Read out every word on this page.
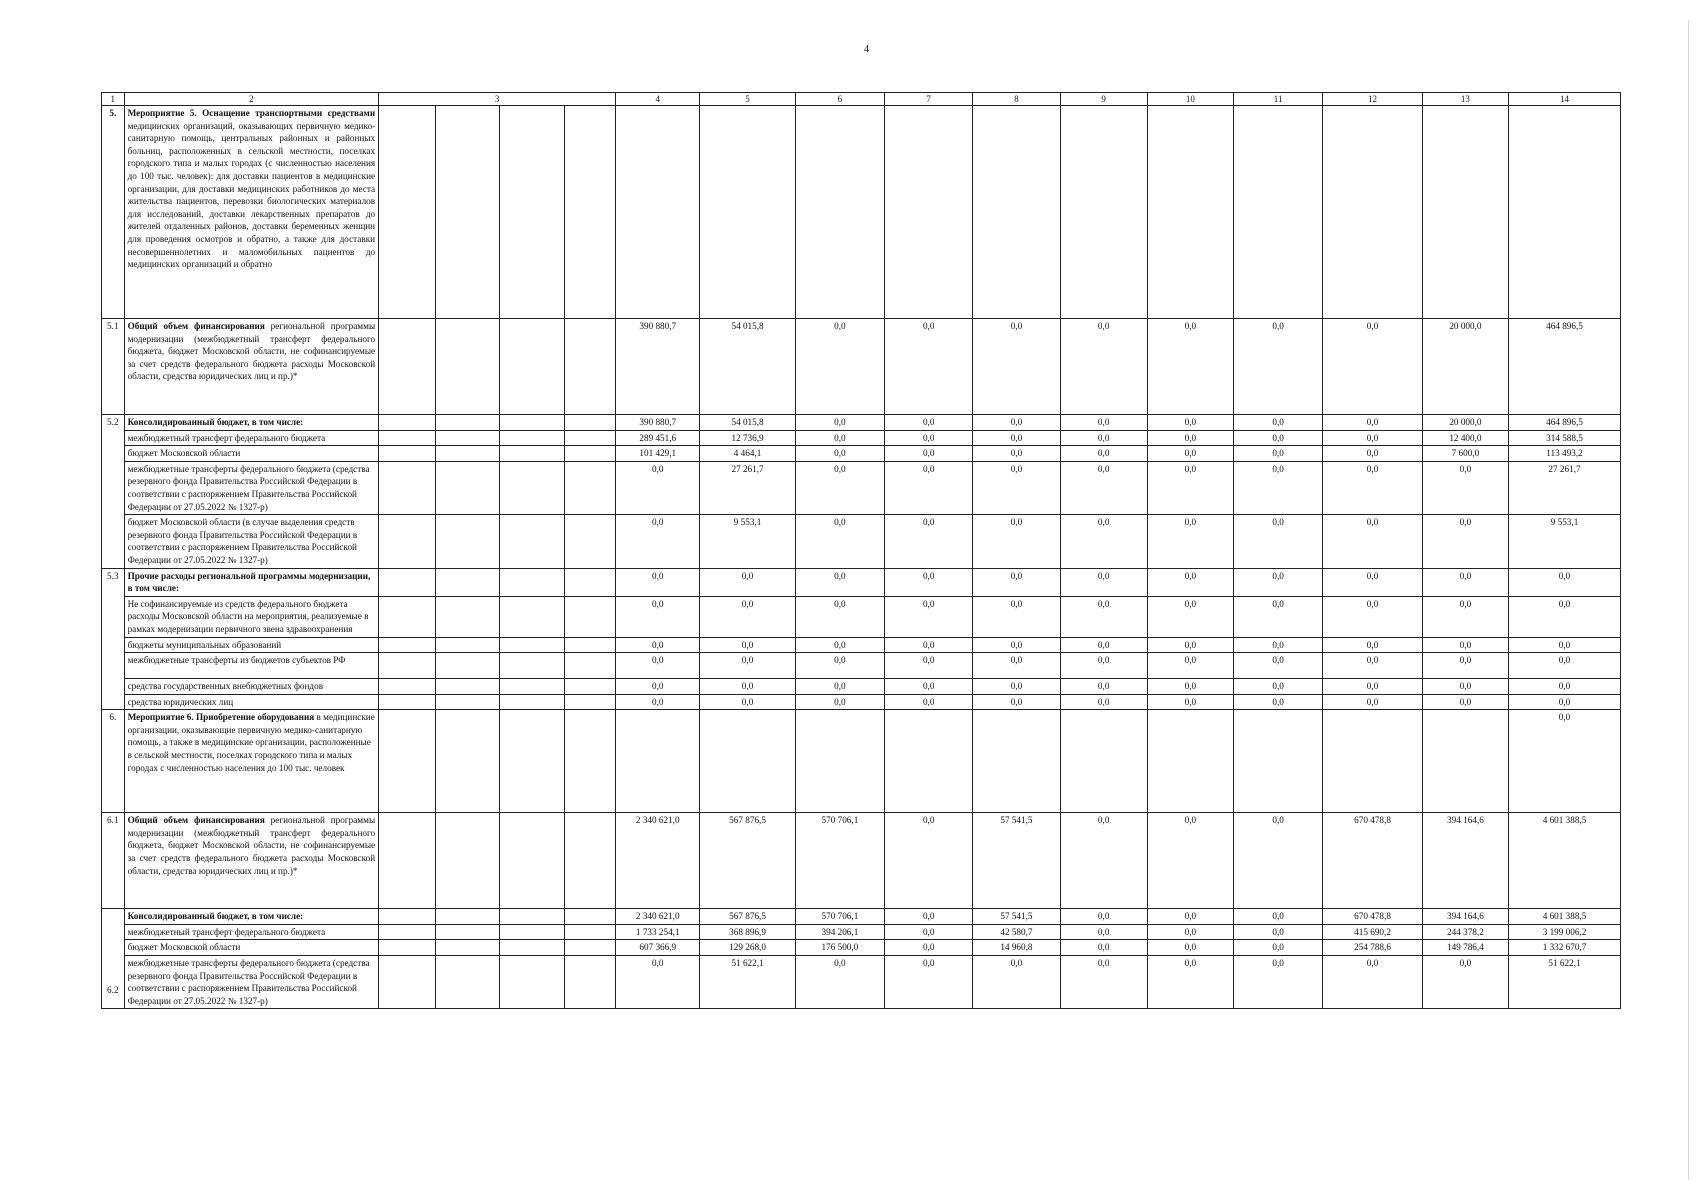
4
1	2	3				4	5	6	7	8	9	10	11	12	13	14
5.	Мероприятие 5. Оснащение транспортными средствами медицинских организаций, оказывающих первичную медико-санитарную помощь, центральных районных и районных больниц, расположенных в сельской местности, поселках городского типа и малых городах (с численностью населения до 100 тыс. человек): для доставки пациентов в медицинские организации, для доставки медицинских работников до места жительства пациентов, перевозки биологических материалов для исследований, доставки лекарственных препаратов до жителей отдаленных районов, доставки беременных женщин для проведения осмотров и обратно, а также для доставки несовершеннолетних и маломобильных пациентов до медицинских организаций и обратно															
5.1	Общий объем финансирования региональной программы модернизации (межбюджетный трансферт федерального бюджета, бюджет Московской области, не софинансируемые за счет средств федерального бюджета расходы Московской области, средства юридических лиц и пр.)*					390 880,7	54 015,8	0,0	0,0	0,0	0,0	0,0	0,0	0,0	20 000,0	464 896,5
5.2	Консолидированный бюджет, в том числе:					390 880,7	54 015,8	0,0	0,0	0,0	0,0	0,0	0,0	0,0	20 000,0	464 896,5
	межбюджетный трансферт федерального бюджета					289 451,6	12 736,9	0,0	0,0	0,0	0,0	0,0	0,0	0,0	12 400,0	314 588,5
	бюджет Московской области					101 429,1	4 464,1	0,0	0,0	0,0	0,0	0,0	0,0	0,0	7 600,0	113 493,2
	межбюджетные трансферты федерального бюджета (средства резервного фонда Правительства Российской Федерации в соответствии с распоряжением Правительства Российской Федерации от 27.05.2022 № 1327-р)					0,0	27 261,7	0,0	0,0	0,0	0,0	0,0	0,0	0,0	0,0	27 261,7
	бюджет Московской области (в случае выделения средств резервного фонда Правительства Российской Федерации в соответствии с распоряжением Правительства Российской Федерации от 27.05.2022 № 1327-р)					0,0	9 553,1	0,0	0,0	0,0	0,0	0,0	0,0	0,0	0,0	9 553,1
5.3	Прочие расходы региональной программы модернизации, в том числе:					0,0	0,0	0,0	0,0	0,0	0,0	0,0	0,0	0,0	0,0	0,0
	Не софинансируемые из средств федерального бюджета расходы Московской области на мероприятия, реализуемые в рамках модернизации первичного звена здравоохранения					0,0	0,0	0,0	0,0	0,0	0,0	0,0	0,0	0,0	0,0	0,0
	бюджеты муниципальных образований					0,0	0,0	0,0	0,0	0,0	0,0	0,0	0,0	0,0	0,0	0,0
	межбюджетные трансферты из бюджетов субъектов РФ					0,0	0,0	0,0	0,0	0,0	0,0	0,0	0,0	0,0	0,0	0,0
	средства государственных внебюджетных фондов					0,0	0,0	0,0	0,0	0,0	0,0	0,0	0,0	0,0	0,0	0,0
	средства юридических лиц					0,0	0,0	0,0	0,0	0,0	0,0	0,0	0,0	0,0	0,0	0,0
6.	Мероприятие 6. Приобретение оборудования в медицинские организации, оказывающие первичную медико-санитарную помощь, а также в медицинские организации, расположенные в сельской местности, поселках городского типа и малых городах с численностью населения до 100 тыс. человек															0,0
6.1	Общий объем финансирования региональной программы модернизации (межбюджетный трансферт федерального бюджета, бюджет Московской области, не софинансируемые за счет средств федерального бюджета расходы Московской области, средства юридических лиц и пр.)*					2 340 621,0	567 876,5	570 706,1	0,0	57 541,5	0,0	0,0	0,0	670 478,8	394 164,6	4 601 388,5
6.2	Консолидированный бюджет, в том числе:					2 340 621,0	567 876,5	570 706,1	0,0	57 541,5	0,0	0,0	0,0	670 478,8	394 164,6	4 601 388,5
	межбюджетный трансферт федерального бюджета					1 733 254,1	368 896,9	394 206,1	0,0	42 580,7	0,0	0,0	0,0	415 690,2	244 378,2	3 199 006,2
	бюджет Московской области					607 366,9	129 268,0	176 500,0	0,0	14 960,8	0,0	0,0	0,0	254 788,6	149 786,4	1 332 670,7
	межбюджетные трансферты федерального бюджета (средства резервного фонда Правительства Российской Федерации в соответствии с распоряжением Правительства Российской Федерации от 27.05.2022 № 1327-р)					0,0	51 622,1	0,0	0,0	0,0	0,0	0,0	0,0	0,0	0,0	51 622,1
